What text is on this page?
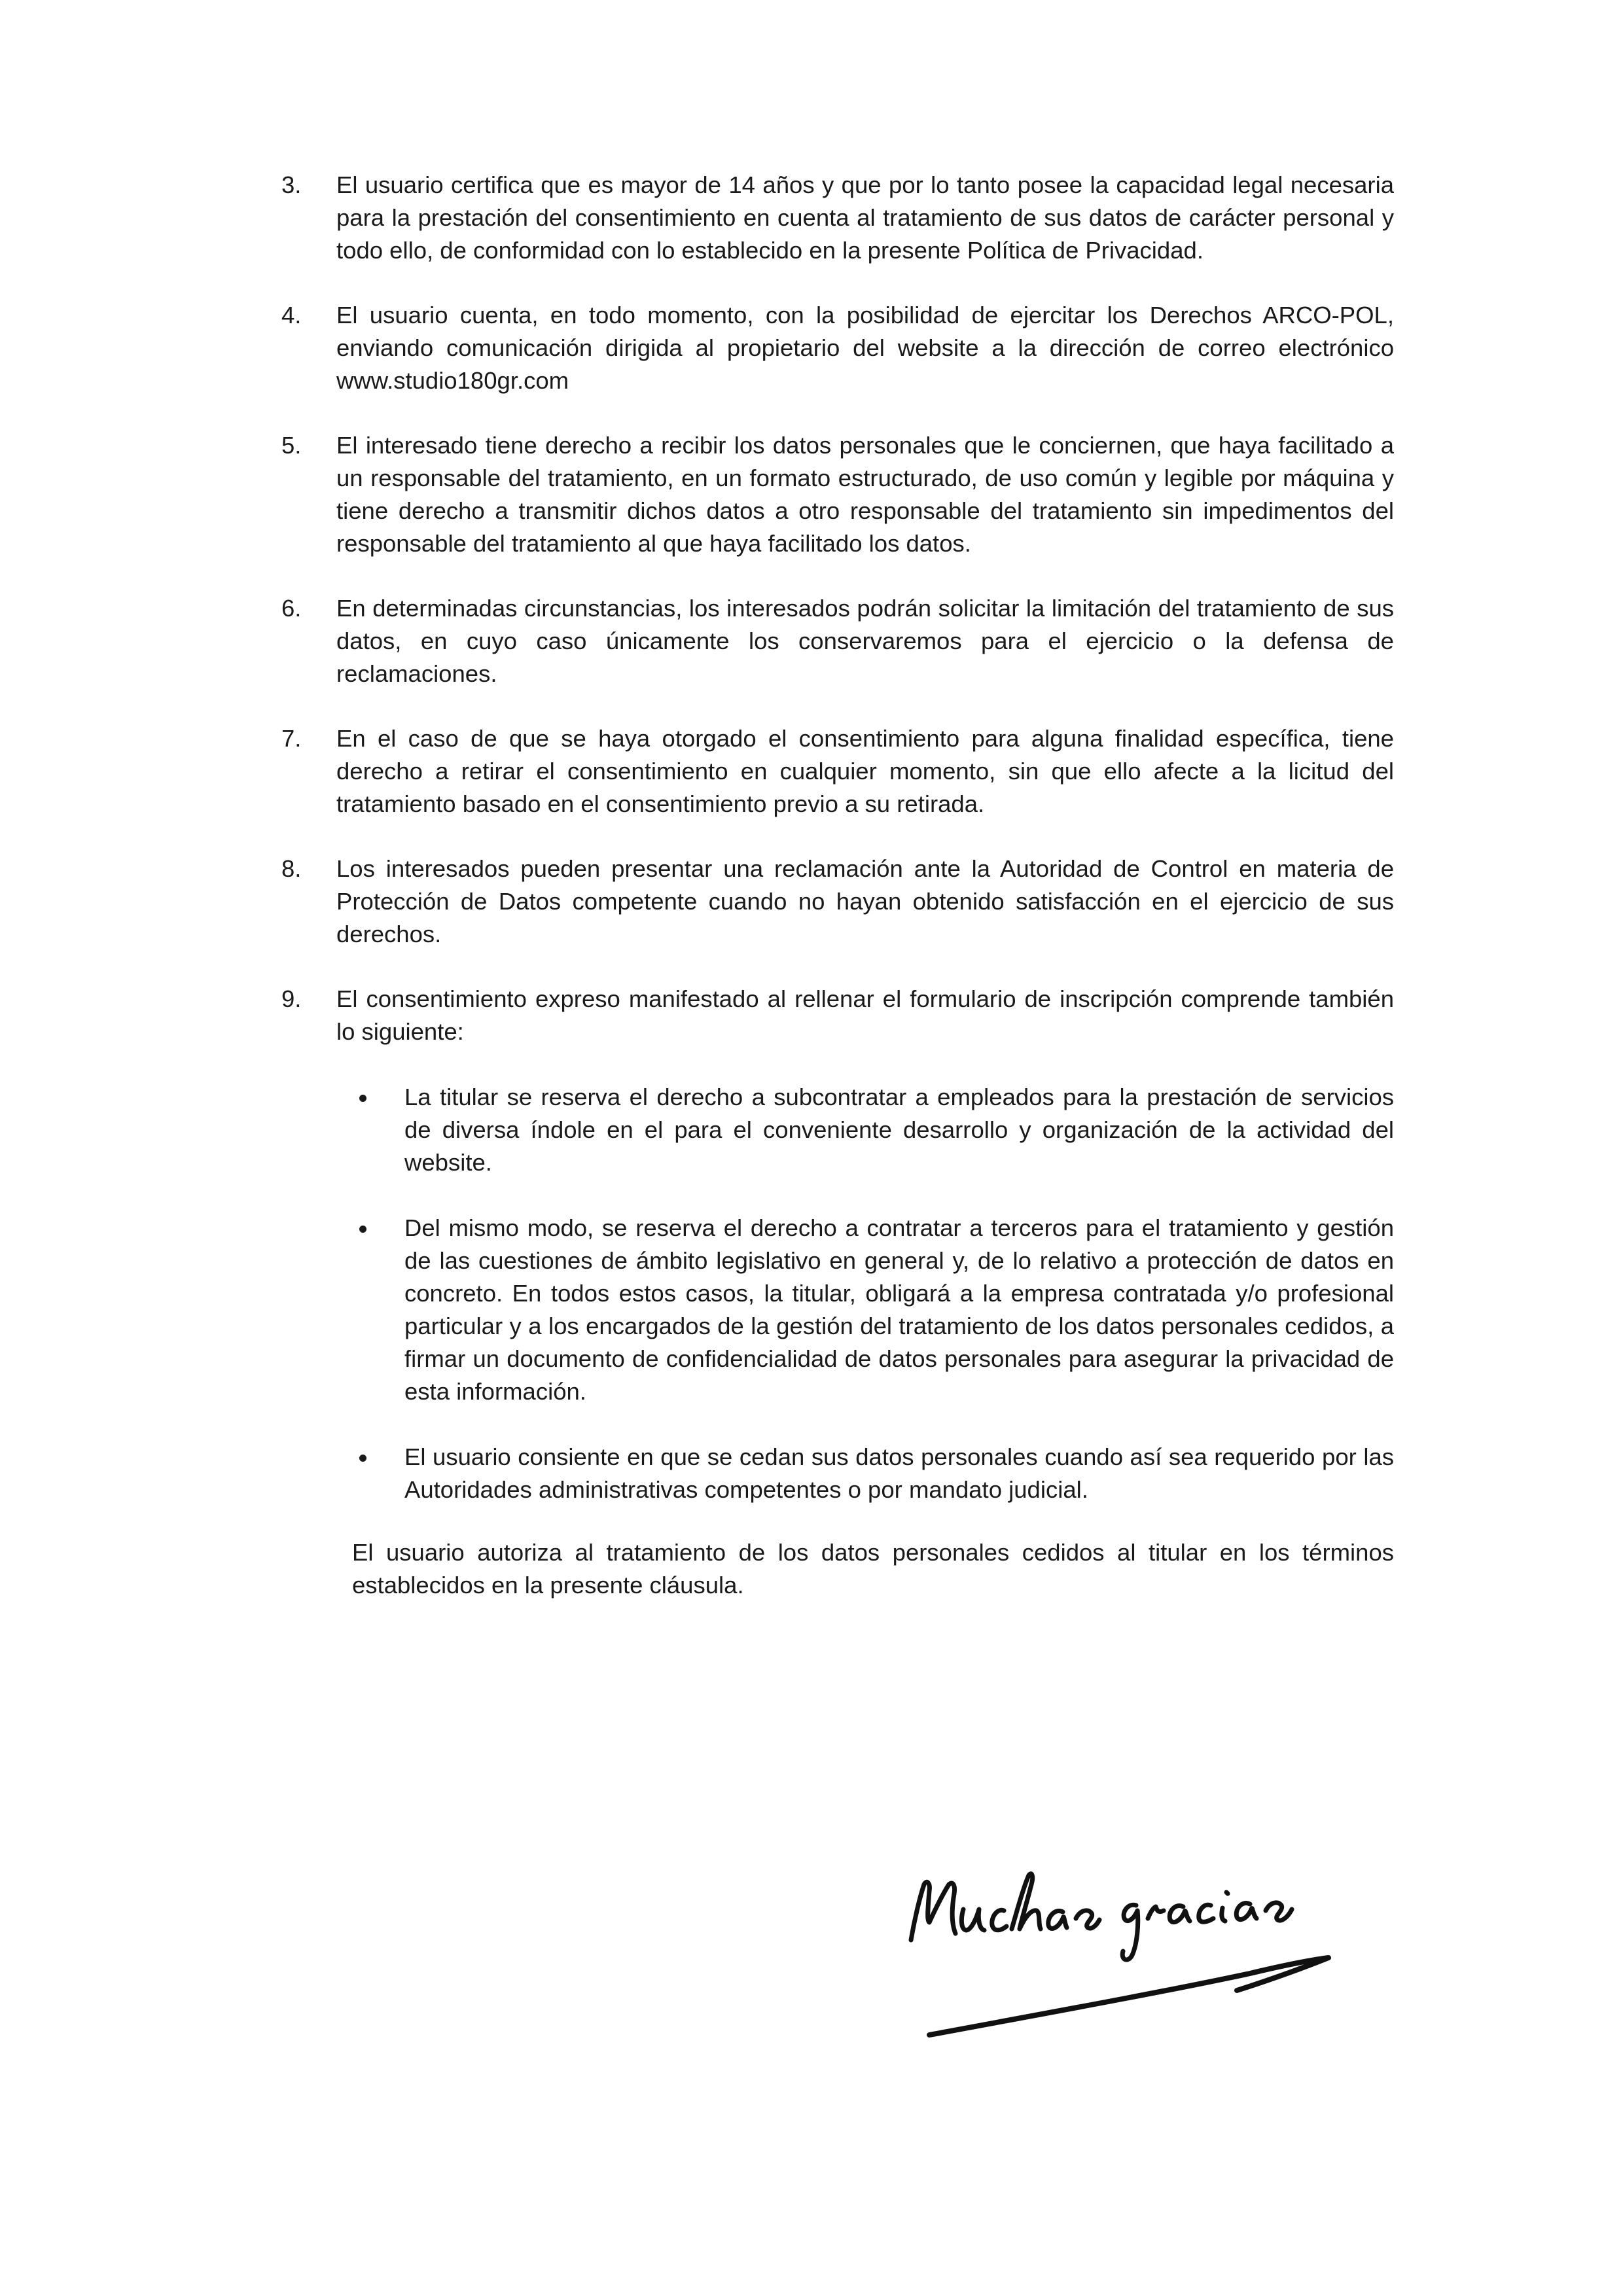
3.	El usuario certifica que es mayor de 14 años y que por lo tanto posee la capacidad legal necesaria para la prestación del consentimiento en cuenta al tratamiento de sus datos de carácter personal y todo ello, de conformidad con lo establecido en la presente Política de Privacidad.
4.	El usuario cuenta, en todo momento, con la posibilidad de ejercitar los Derechos ARCO-POL, enviando comunicación dirigida al propietario del website a la dirección de correo electrónico www.studio180gr.com
5.	El interesado tiene derecho a recibir los datos personales que le conciernen, que haya facilitado a un responsable del tratamiento, en un formato estructurado, de uso común y legible por máquina y tiene derecho a transmitir dichos datos a otro responsable del tratamiento sin impedimentos del responsable del tratamiento al que haya facilitado los datos.
6.	En determinadas circunstancias, los interesados podrán solicitar la limitación del tratamiento de sus datos, en cuyo caso únicamente los conservaremos para el ejercicio o la defensa de reclamaciones.
7.	En el caso de que se haya otorgado el consentimiento para alguna finalidad específica, tiene derecho a retirar el consentimiento en cualquier momento, sin que ello afecte a la licitud del tratamiento basado en el consentimiento previo a su retirada.
8.	Los interesados pueden presentar una reclamación ante la Autoridad de Control en materia de Protección de Datos competente cuando no hayan obtenido satisfacción en el ejercicio de sus derechos.
9.	El consentimiento expreso manifestado al rellenar el formulario de inscripción comprende también lo siguiente:
La titular se reserva el derecho a subcontratar a empleados para la prestación de servicios de diversa índole en el para el conveniente desarrollo y organización de la actividad del website.
Del mismo modo, se reserva el derecho a contratar a terceros para el tratamiento y gestión de las cuestiones de ámbito legislativo en general y, de lo relativo a protección de datos en concreto. En todos estos casos, la titular, obligará a la empresa contratada y/o profesional particular y a los encargados de la gestión del tratamiento de los datos personales cedidos, a firmar un documento de confidencialidad de datos personales para asegurar la privacidad de esta información.
El usuario consiente en que se cedan sus datos personales cuando así sea requerido por las Autoridades administrativas competentes o por mandato judicial.
El usuario autoriza al tratamiento de los datos personales cedidos al titular en los términos establecidos en la presente cláusula.
